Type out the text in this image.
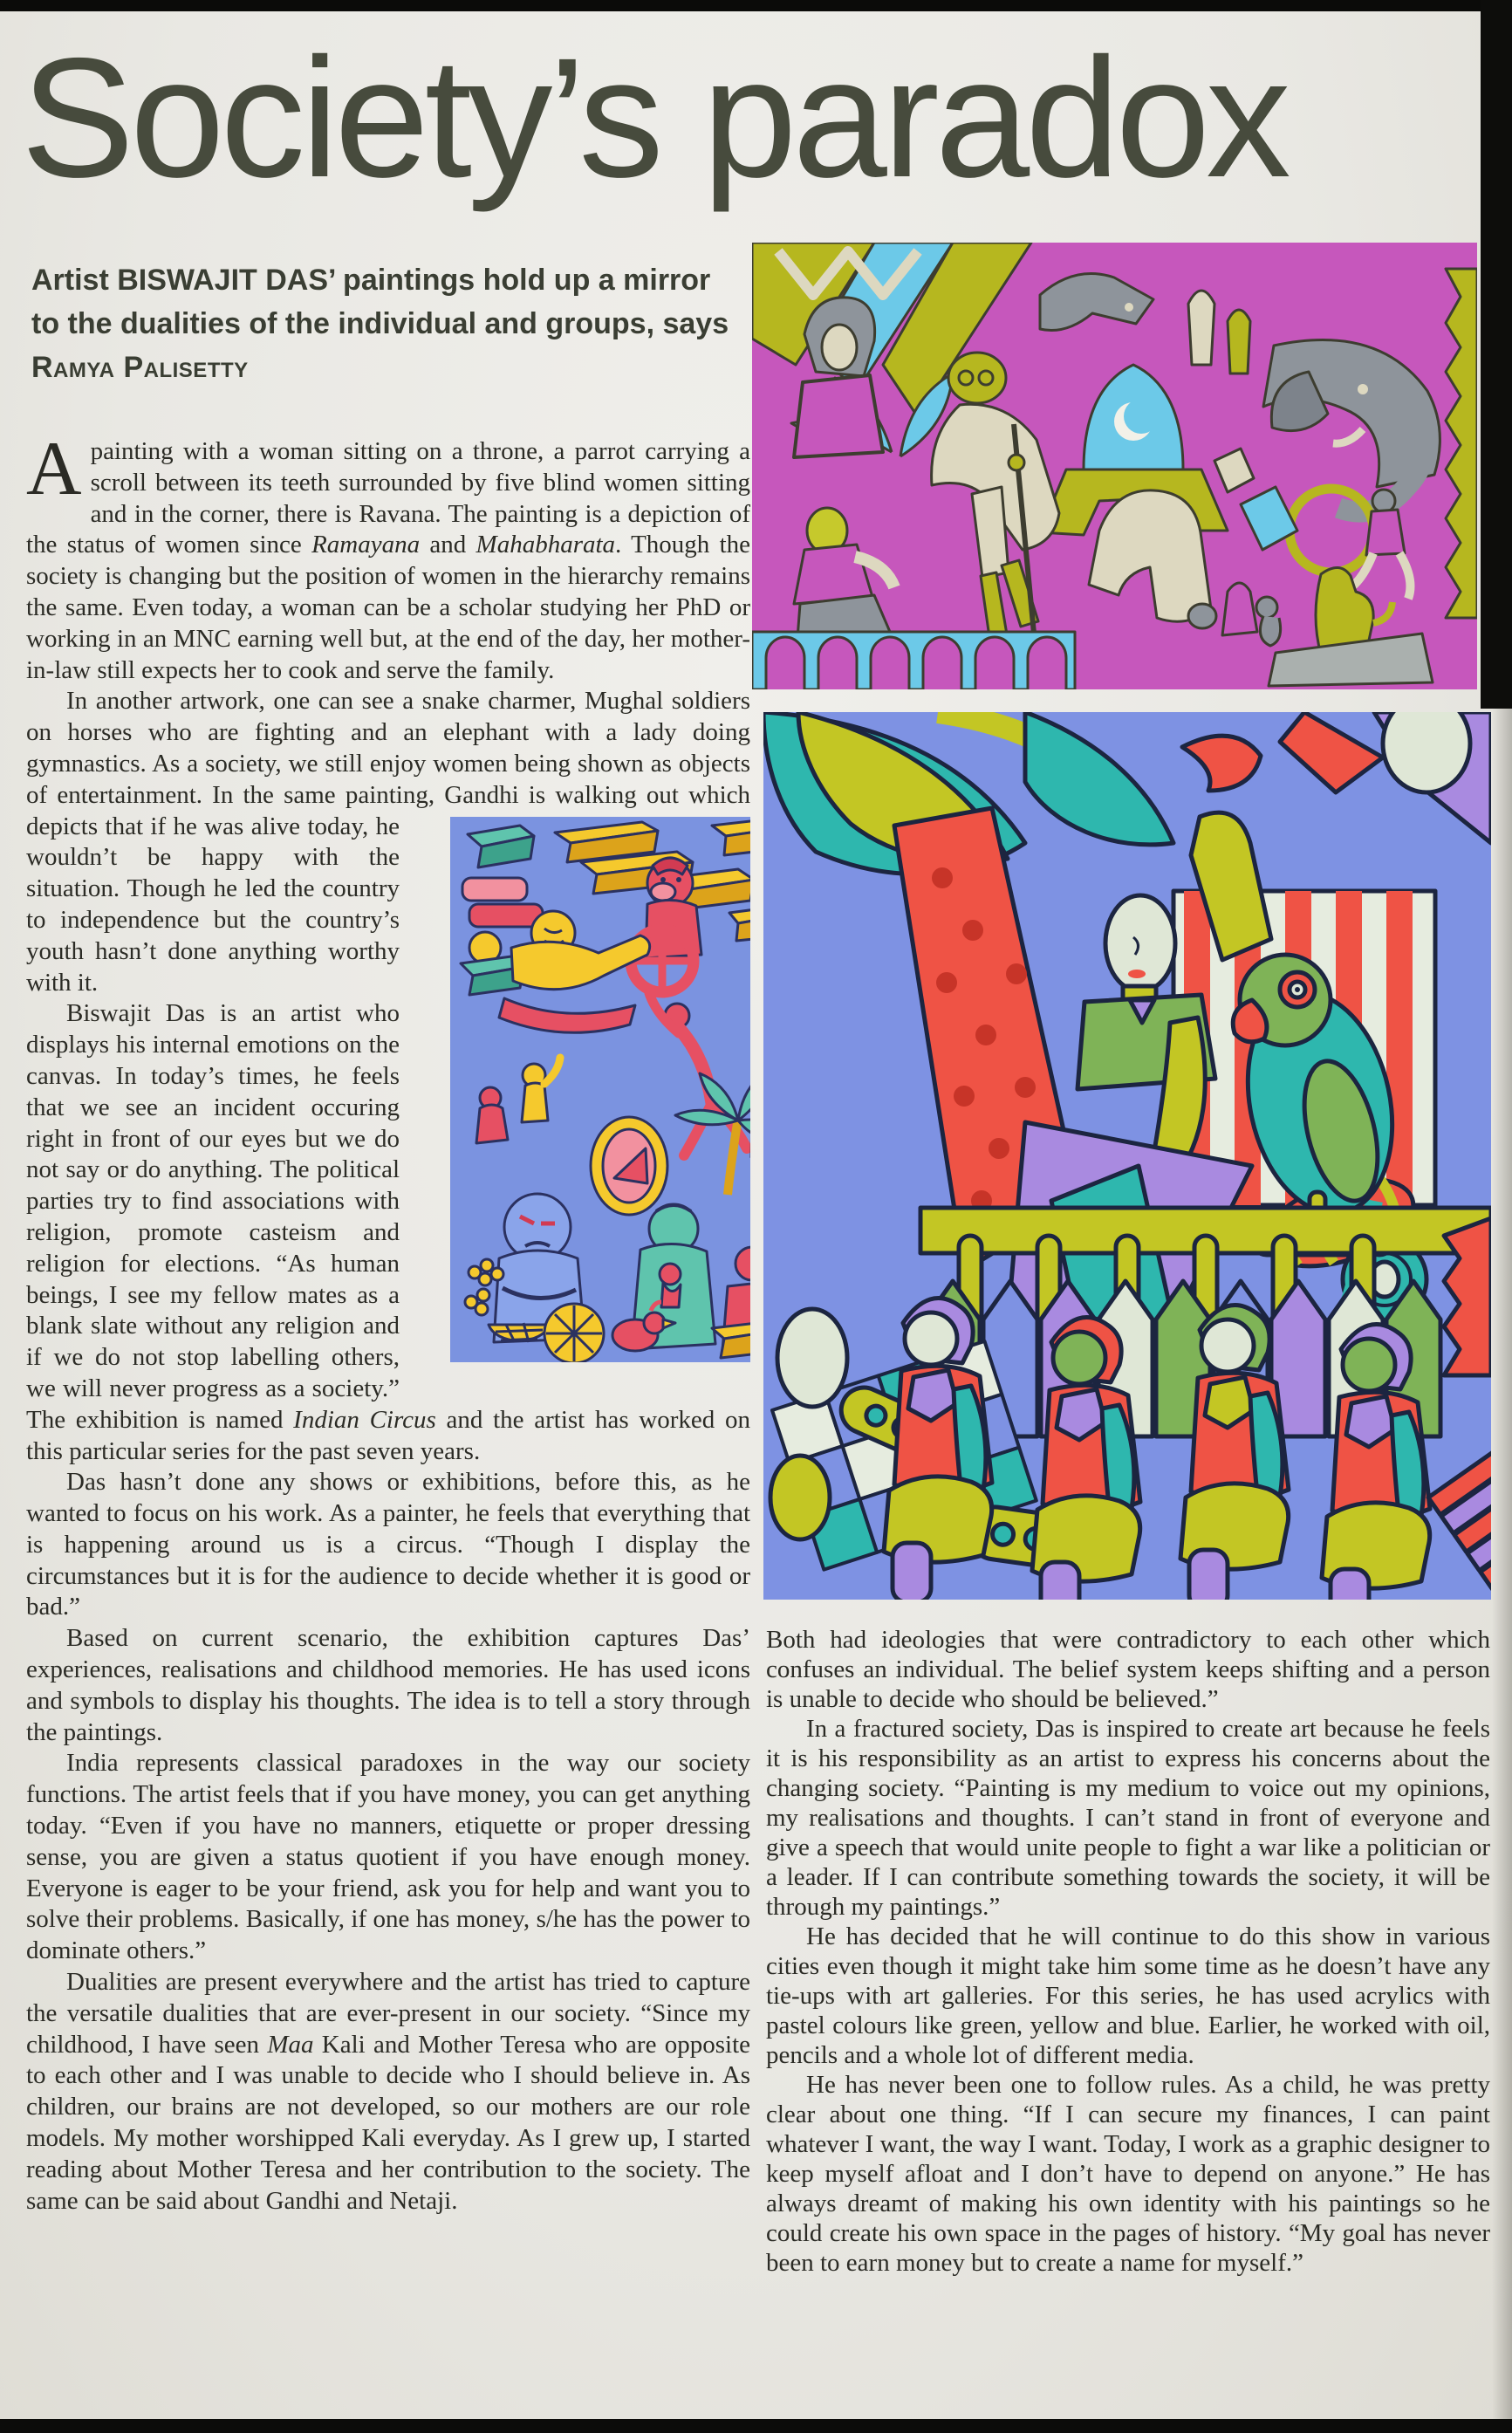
Society’s paradox

Artist BISWAJIT DAS’ paintings hold up a mirror to the dualities of the individual and groups, says Ramya Palisetty

Apainting with a woman sitting on a throne, a parrot carrying a scroll between its teeth surrounded by five blind women sitting and in the corner, there is Ravana. The painting is a depiction of the status of women since Ramayana and Mahabharata. Though the society is changing but the position of women in the hierarchy remains the same. Even today, a woman can be a scholar studying her PhD or working in an MNC earning well but, at the end of the day, her mother-in-law still expects her to cook and serve the family.

In another artwork, one can see a snake charmer, Mughal soldiers on horses who are fighting and an elephant with a lady doing gymnastics. As a society, we still enjoy women being shown as objects of entertainment. In the same painting, Gandhi is walking out which depicts that if he was alive
today, he wouldn’t be happy with the situation. Though he led the country to independence but the country’s youth hasn’t done anything worthy with it.

Biswajit Das is an artist who displays his internal emotions on the canvas. In today’s times, he feels that we see an incident occuring right in front of our eyes but we do not say or do anything. The political parties try to find associations with religion, promote casteism and religion for elections. “As human beings, I see my fellow mates as a blank slate without any religion and if we do not stop labelling others, we will never progress as a society.” The exhibition is named Indian Circus and the artist has worked on this particular series for the past seven years.

Das hasn’t done any shows or exhibitions, before this, as he wanted to focus on his work. As a painter, he feels that everything that is happening around us is a circus. “Though I display the circumstances but it is for the audience to decide whether it is good or bad.”

Based on current scenario, the exhibition captures Das’ experiences, realisations and childhood memories. He has used icons and symbols to display his thoughts. The idea is to tell a story through the paintings.

India represents classical paradoxes in the way our society functions. The artist feels that if you have money, you can get anything today. “Even if you have no manners, etiquette or proper dressing sense, you are given a status quotient if you have enough money. Everyone is eager to be your friend, ask you for help and want you to solve their problems. Basically, if one has money, s/he has the power to dominate others.”

Dualities are present everywhere and the artist has tried to capture the versatile dualities that are ever-present in our society. “Since my childhood, I have seen Maa Kali and Mother Teresa who are opposite to each other and I was unable to decide who I should believe in. As children, our brains are not developed, so our mothers are our role models. My mother worshipped Kali everyday. As I grew up, I started reading about Mother Teresa and her contribution to the society. The same can be said about Gandhi and Netaji.

Both had ideologies that were contradictory to each other which confuses an individual. The belief system keeps shifting and a person is unable to decide who should be believed.”

In a fractured society, Das is inspired to create art because he feels it is his responsibility as an artist to express his concerns about the changing society. “Painting is my medium to voice out my opinions, my realisations and thoughts. I can’t stand in front of everyone and give a speech that would unite people to fight a war like a politician or a leader. If I can contribute something towards the society, it will be through my paintings.”

He has decided that he will continue to do this show in various cities even though it might take him some time as he doesn’t have any tie-ups with art galleries. For this series, he has used acrylics with pastel colours like green, yellow and blue. Earlier, he worked with oil, pencils and a whole lot of different media.

He has never been one to follow rules. As a child, he was pretty clear about one thing. “If I can secure my finances, I can paint whatever I want, the way I want. Today, I work as a graphic designer to keep myself afloat and I don’t have to depend on anyone.” He has always dreamt of making his own identity with his paintings so he could create his own space in the pages of history. “My goal has never been to earn money but to create a name for myself.”
